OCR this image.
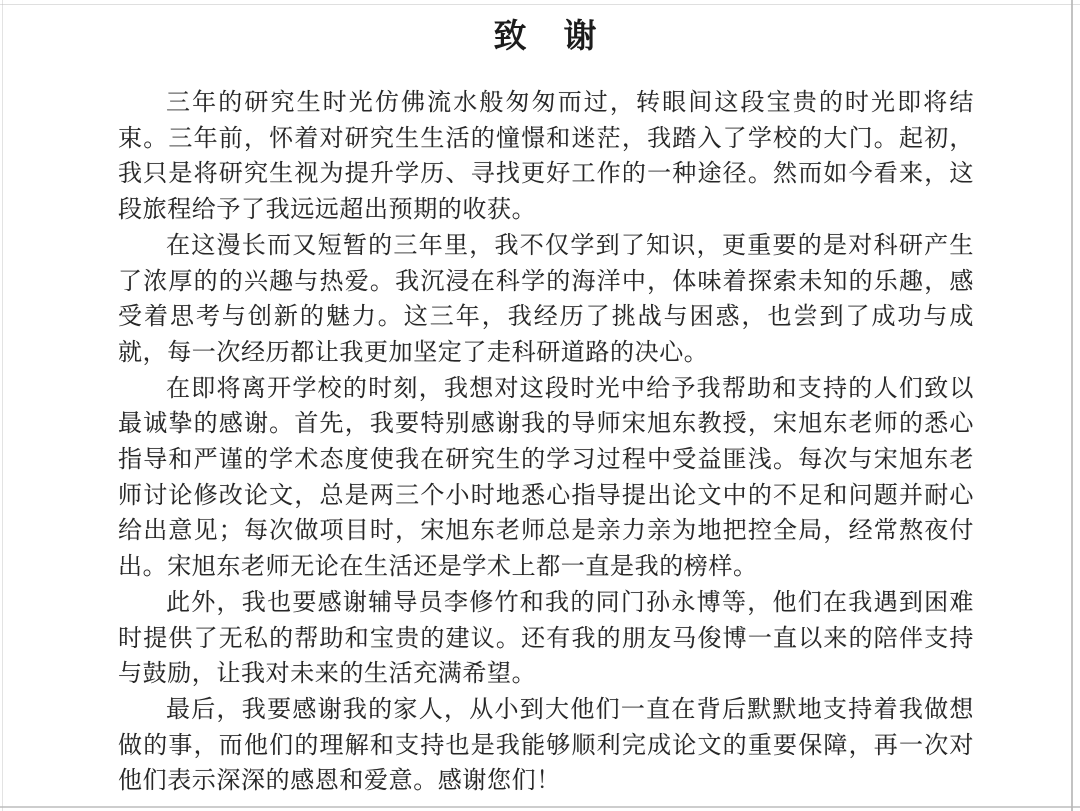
致　谢

三年的研究生时光仿佛流水般匆匆而过，转眼间这段宝贵的时光即将结束。三年前，怀着对研究生生活的憧憬和迷茫，我踏入了学校的大门。起初，我只是将研究生视为提升学历、寻找更好工作的一种途径。然而如今看来，这段旅程给予了我远远超出预期的收获。

在这漫长而又短暂的三年里，我不仅学到了知识，更重要的是对科研产生了浓厚的的兴趣与热爱。我沉浸在科学的海洋中，体味着探索未知的乐趣，感受着思考与创新的魅力。这三年，我经历了挑战与困惑，也尝到了成功与成就，每一次经历都让我更加坚定了走科研道路的决心。

在即将离开学校的时刻，我想对这段时光中给予我帮助和支持的人们致以最诚挚的感谢。首先，我要特别感谢我的导师宋旭东教授，宋旭东老师的悉心指导和严谨的学术态度使我在研究生的学习过程中受益匪浅。每次与宋旭东老师讨论修改论文，总是两三个小时地悉心指导提出论文中的不足和问题并耐心给出意见；每次做项目时，宋旭东老师总是亲力亲为地把控全局，经常熬夜付出。宋旭东老师无论在生活还是学术上都一直是我的榜样。

此外，我也要感谢辅导员李修竹和我的同门孙永博等，他们在我遇到困难时提供了无私的帮助和宝贵的建议。还有我的朋友马俊博一直以来的陪伴支持与鼓励，让我对未来的生活充满希望。

最后，我要感谢我的家人，从小到大他们一直在背后默默地支持着我做想做的事，而他们的理解和支持也是我能够顺利完成论文的重要保障，再一次对他们表示深深的感恩和爱意。感谢您们！
